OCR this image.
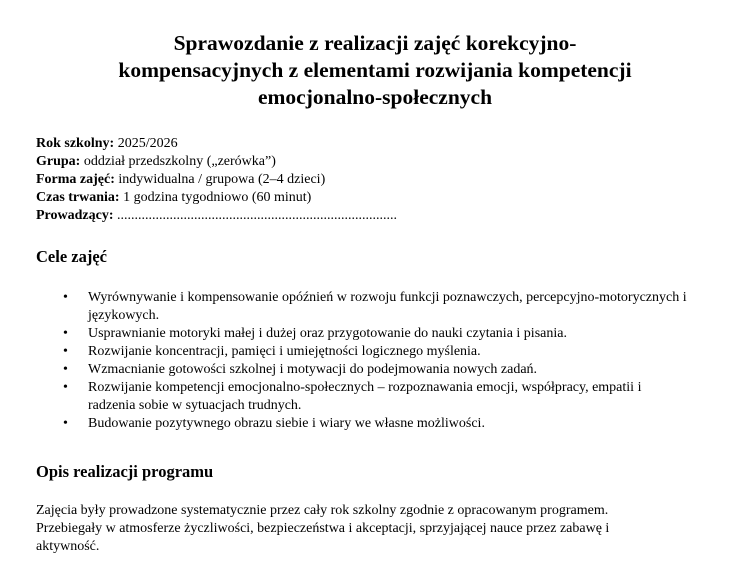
Sprawozdanie z realizacji zajęć korekcyjno-
kompensacyjnych z elementami rozwijania kompetencji
emocjonalno-społecznych
Rok szkolny: 2025/2026
Grupa: oddział przedszkolny („zerówka”)
Forma zajęć: indywidualna / grupowa (2–4 dzieci)
Czas trwania: 1 godzina tygodniowo (60 minut)
Prowadzący: ................................................................................
Cele zajęć
• Wyrównywanie i kompensowanie opóźnień w rozwoju funkcji poznawczych, percepcyjno-motorycznych i językowych.
• Usprawnianie motoryki małej i dużej oraz przygotowanie do nauki czytania i pisania.
• Rozwijanie koncentracji, pamięci i umiejętności logicznego myślenia.
• Wzmacnianie gotowości szkolnej i motywacji do podejmowania nowych zadań.
• Rozwijanie kompetencji emocjonalno-społecznych – rozpoznawania emocji, współpracy, empatii i radzenia sobie w sytuacjach trudnych.
• Budowanie pozytywnego obrazu siebie i wiary we własne możliwości.
Opis realizacji programu

Zajęcia były prowadzone systematycznie przez cały rok szkolny zgodnie z opracowanym programem.

Przebiegały w atmosferze życzliwości, bezpieczeństwa i akceptacji, sprzyjającej nauce przez zabawę i aktywność.
